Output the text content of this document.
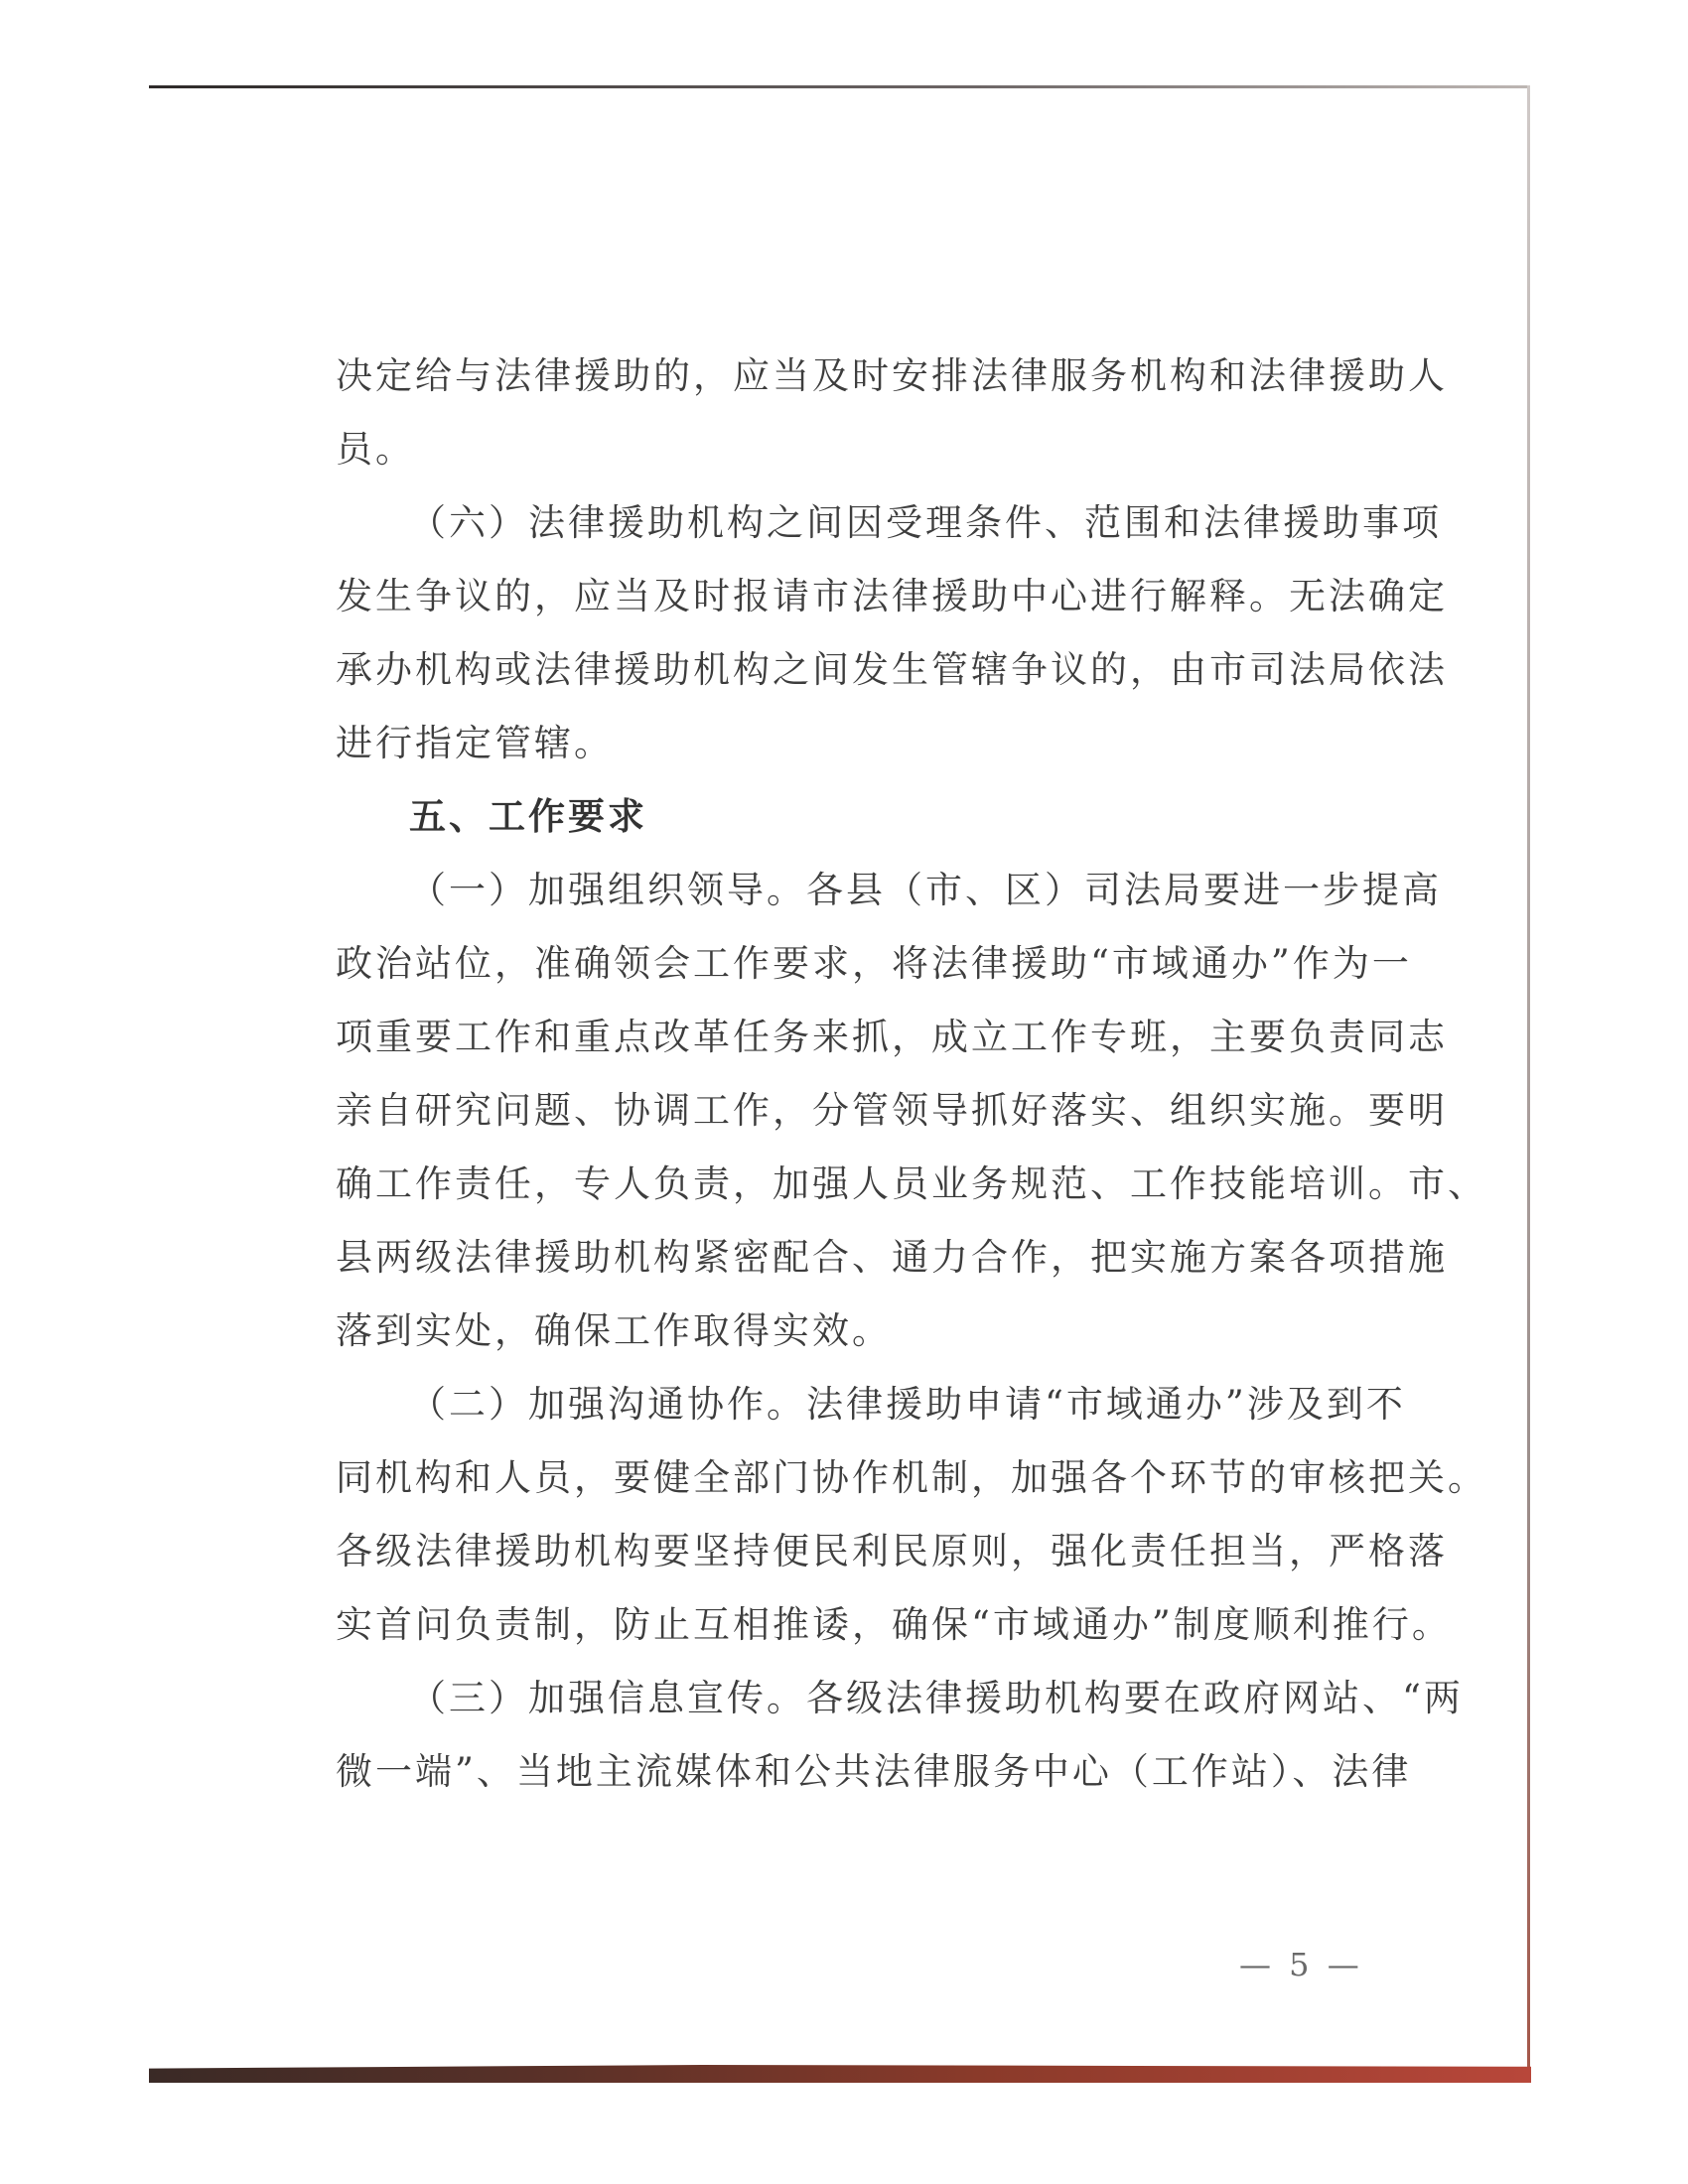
决定给与法律援助的，应当及时安排法律服务机构和法律援助人
员。
（六）法律援助机构之间因受理条件、范围和法律援助事项
发生争议的，应当及时报请市法律援助中心进行解释。无法确定
承办机构或法律援助机构之间发生管辖争议的，由市司法局依法
进行指定管辖。
五、工作要求
（一）加强组织领导。各县（市、区）司法局要进一步提高
政治站位，准确领会工作要求，将法律援助“市域通办”作为一
项重要工作和重点改革任务来抓，成立工作专班，主要负责同志
亲自研究问题、协调工作，分管领导抓好落实、组织实施。要明
确工作责任，专人负责，加强人员业务规范、工作技能培训。市、
县两级法律援助机构紧密配合、通力合作，把实施方案各项措施
落到实处，确保工作取得实效。
（二）加强沟通协作。法律援助申请“市域通办”涉及到不
同机构和人员，要健全部门协作机制，加强各个环节的审核把关。
各级法律援助机构要坚持便民利民原则，强化责任担当，严格落
实首问负责制，防止互相推诿，确保“市域通办”制度顺利推行。
（三）加强信息宣传。各级法律援助机构要在政府网站、“两
微一端”、当地主流媒体和公共法律服务中心（工作站）、法律
— 5 —
